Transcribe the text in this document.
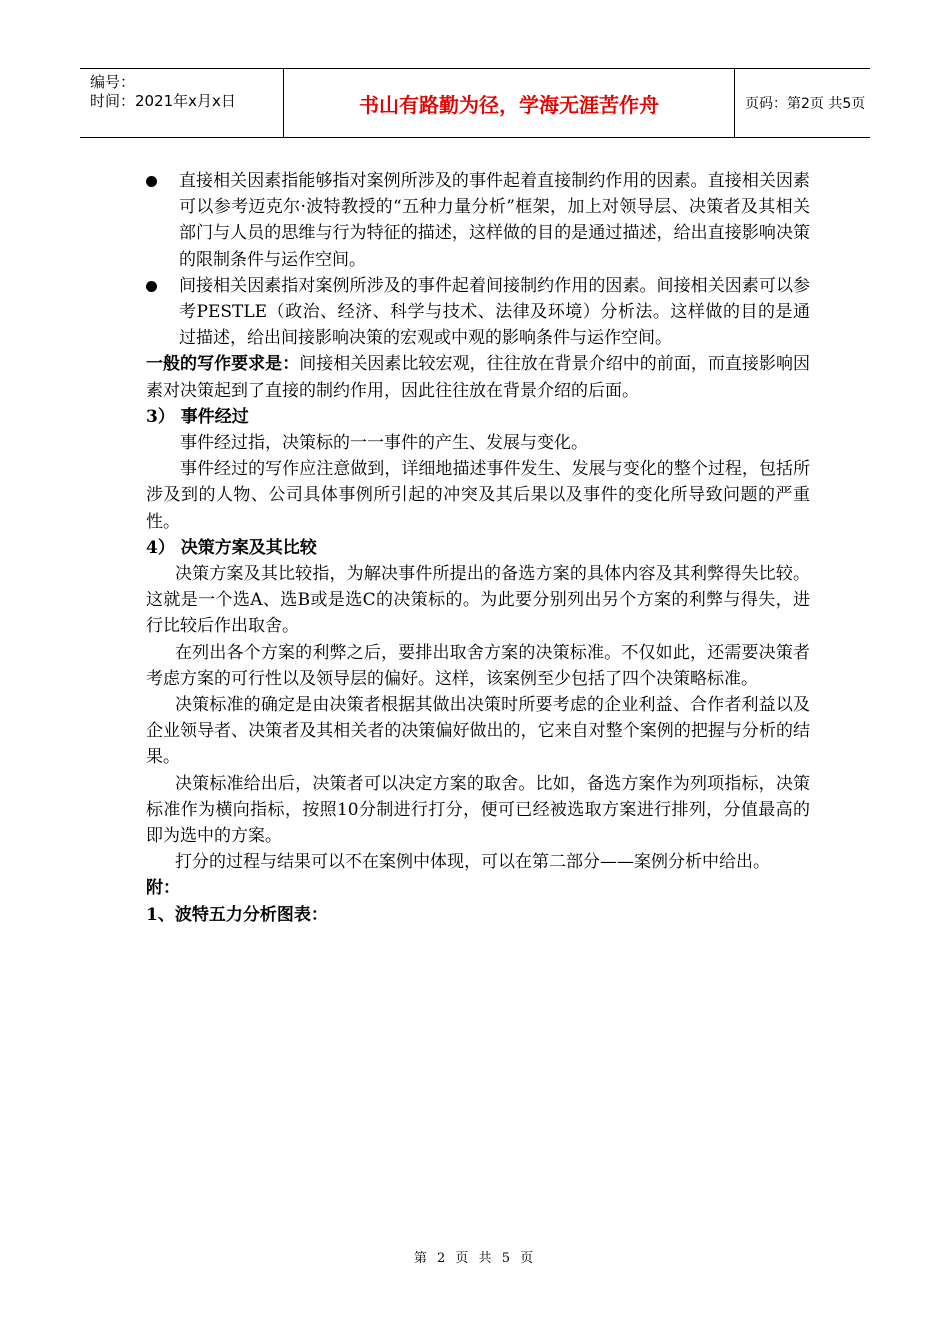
编号：
时间：2021年x月x日	书山有路勤为径，学海无涯苦作舟	页码：第2页 共5页

直接相关因素指能够指对案例所涉及的事件起着直接制约作用的因素。直接相关因素可以参考迈克尔·波特教授的“五种力量分析”框架，加上对领导层、决策者及其相关部门与人员的思维与行为特征的描述，这样做的目的是通过描述，给出直接影响决策的限制条件与运作空间。

间接相关因素指对案例所涉及的事件起着间接制约作用的因素。间接相关因素可以参考PESTLE（政治、经济、科学与技术、法律及环境）分析法。这样做的目的是通过描述，给出间接影响决策的宏观或中观的影响条件与运作空间。

一般的写作要求是：间接相关因素比较宏观，往往放在背景介绍中的前面，而直接影响因素对决策起到了直接的制约作用，因此往往放在背景介绍的后面。

3） 事件经过

事件经过指，决策标的一一事件的产生、发展与变化。

事件经过的写作应注意做到，详细地描述事件发生、发展与变化的整个过程，包括所涉及到的人物、公司具体事例所引起的冲突及其后果以及事件的变化所导致问题的严重性。

4） 决策方案及其比较

决策方案及其比较指，为解决事件所提出的备选方案的具体内容及其利弊得失比较。这就是一个选A、选B或是选C的决策标的。为此要分别列出另个方案的利弊与得失，进行比较后作出取舍。

在列出各个方案的利弊之后，要排出取舍方案的决策标准。不仅如此，还需要决策者考虑方案的可行性以及领导层的偏好。这样，该案例至少包括了四个决策略标准。

决策标准的确定是由决策者根据其做出决策时所要考虑的企业利益、合作者利益以及企业领导者、决策者及其相关者的决策偏好做出的，它来自对整个案例的把握与分析的结果。

决策标准给出后，决策者可以决定方案的取舍。比如，备选方案作为列项指标，决策标准作为横向指标，按照10分制进行打分，便可已经被选取方案进行排列，分值最高的即为选中的方案。

打分的过程与结果可以不在案例中体现，可以在第二部分——案例分析中给出。

附：

1、波特五力分析图表：

第 2 页 共 5 页
